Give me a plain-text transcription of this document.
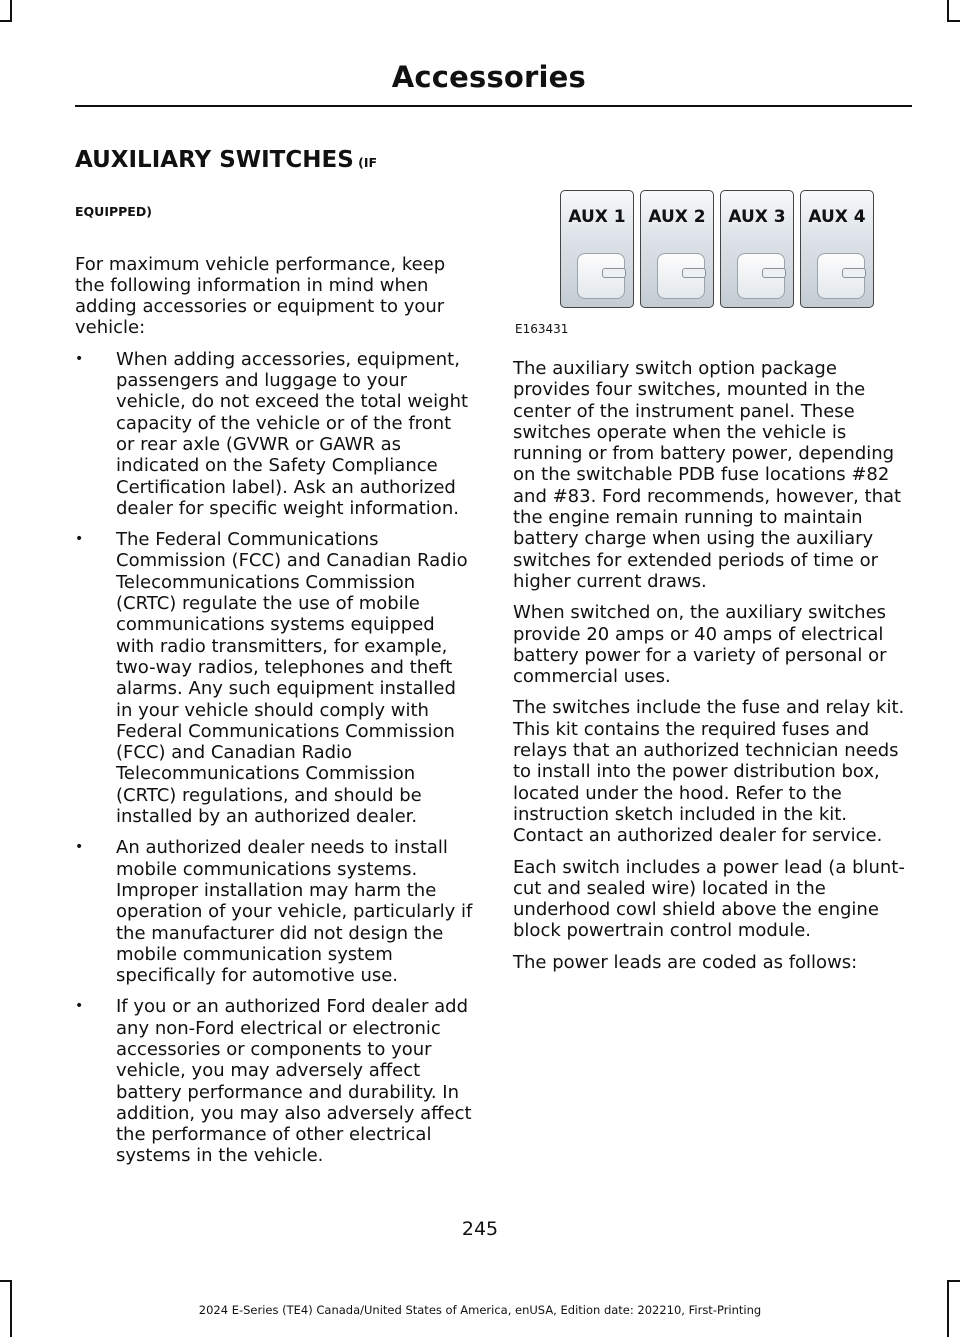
Accessories
AUXILIARY SWITCHES (IF
EQUIPPED)

For maximum vehicle performance, keep the following information in mind when adding accessories or equipment to your vehicle:

• When adding accessories, equipment, passengers and luggage to your vehicle, do not exceed the total weight capacity of the vehicle or of the front or rear axle (GVWR or GAWR as indicated on the Safety Compliance Certification label). Ask an authorized dealer for specific weight information.
• The Federal Communications Commission (FCC) and Canadian Radio Telecommunications Commission (CRTC) regulate the use of mobile communications systems equipped with radio transmitters, for example, two-way radios, telephones and theft alarms. Any such equipment installed in your vehicle should comply with Federal Communications Commission (FCC) and Canadian Radio Telecommunications Commission (CRTC) regulations, and should be installed by an authorized dealer.
• An authorized dealer needs to install mobile communications systems. Improper installation may harm the operation of your vehicle, particularly if the manufacturer did not design the mobile communication system specifically for automotive use.
• If you or an authorized Ford dealer add any non-Ford electrical or electronic accessories or components to your vehicle, you may adversely affect battery performance and durability. In addition, you may also adversely affect the performance of other electrical systems in the vehicle.
AUX 1	AUX 2	AUX 3	AUX 4
E163431

The auxiliary switch option package provides four switches, mounted in the center of the instrument panel. These switches operate when the vehicle is running or from battery power, depending on the switchable PDB fuse locations #82 and #83. Ford recommends, however, that the engine remain running to maintain battery charge when using the auxiliary switches for extended periods of time or higher current draws.

When switched on, the auxiliary switches provide 20 amps or 40 amps of electrical battery power for a variety of personal or commercial uses.

The switches include the fuse and relay kit. This kit contains the required fuses and relays that an authorized technician needs to install into the power distribution box, located under the hood. Refer to the instruction sketch included in the kit. Contact an authorized dealer for service.

Each switch includes a power lead (a blunt-cut and sealed wire) located in the underhood cowl shield above the engine block powertrain control module.

The power leads are coded as follows:

245
2024 E-Series (TE4) Canada/United States of America, enUSA, Edition date: 202210, First-Printing
